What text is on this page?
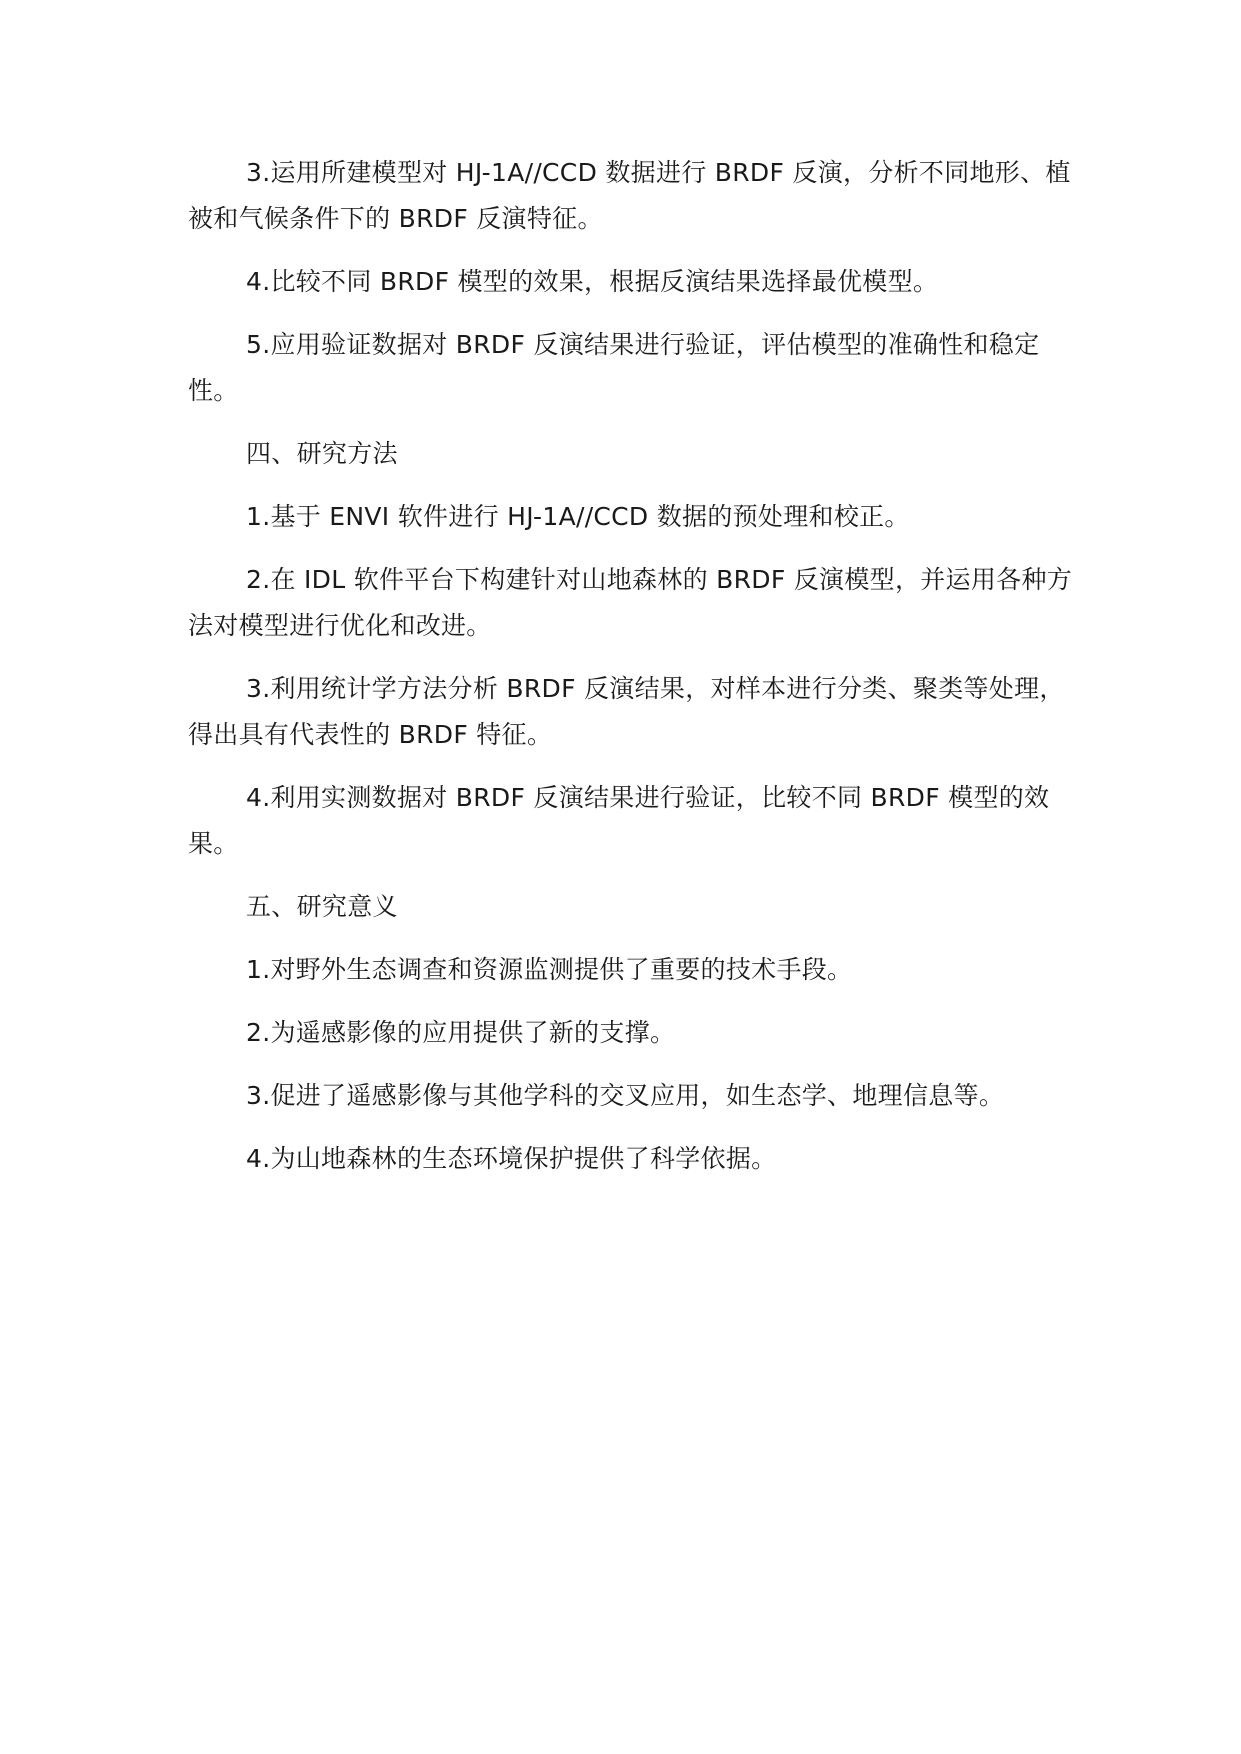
3.运用所建模型对 HJ-1A//CCD 数据进行 BRDF 反演，分析不同地形、植被和气候条件下的 BRDF 反演特征。

4.比较不同 BRDF 模型的效果，根据反演结果选择最优模型。

5.应用验证数据对 BRDF 反演结果进行验证，评估模型的准确性和稳定性。

四、研究方法

1.基于 ENVI 软件进行 HJ-1A//CCD 数据的预处理和校正。

2.在 IDL 软件平台下构建针对山地森林的 BRDF 反演模型，并运用各种方法对模型进行优化和改进。

3.利用统计学方法分析 BRDF 反演结果，对样本进行分类、聚类等处理，得出具有代表性的 BRDF 特征。

4.利用实测数据对 BRDF 反演结果进行验证，比较不同 BRDF 模型的效果。

五、研究意义

1.对野外生态调查和资源监测提供了重要的技术手段。

2.为遥感影像的应用提供了新的支撑。

3.促进了遥感影像与其他学科的交叉应用，如生态学、地理信息等。

4.为山地森林的生态环境保护提供了科学依据。
